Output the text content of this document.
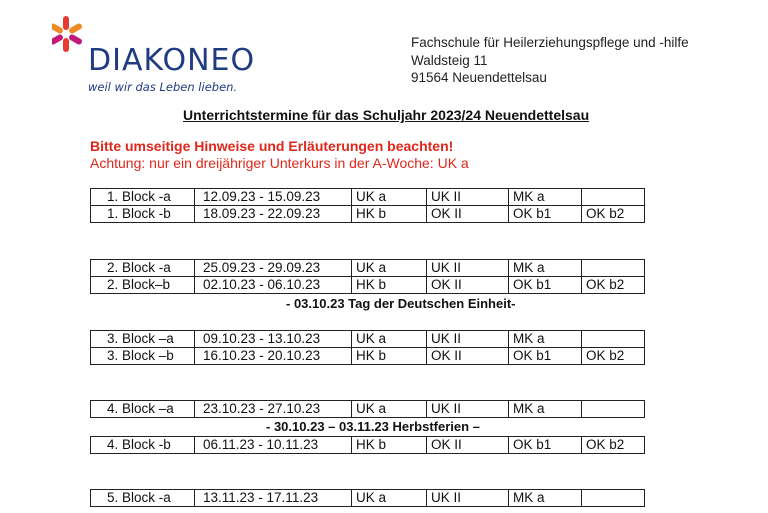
DIAKONEO
weil wir das Leben lieben.
Fachschule für Heilerziehungspflege und -hilfe
Waldsteig 11
91564 Neuendettelsau
Unterrichtstermine für das Schuljahr 2023/24 Neuendettelsau
Bitte umseitige Hinweise und Erläuterungen beachten!
Achtung: nur ein dreijähriger Unterkurs in der A-Woche: UK a
1. Block -a	12.09.23 - 15.09.23	UK a	UK II	MK a	
1. Block -b	18.09.23 - 22.09.23	HK b	OK II	OK b1	OK b2
2. Block -a	25.09.23 - 29.09.23	UK a	UK II	MK a	
2. Block–b	02.10.23 - 06.10.23	HK b	OK II	OK b1	OK b2
- 03.10.23 Tag der Deutschen Einheit-
3. Block –a	09.10.23 - 13.10.23	UK a	UK II	MK a	
3. Block –b	16.10.23 - 20.10.23	HK b	OK II	OK b1	OK b2
4. Block –a	23.10.23 - 27.10.23	UK a	UK II	MK a	
- 30.10.23 – 03.11.23 Herbstferien –
4. Block -b	06.11.23 - 10.11.23	HK b	OK II	OK b1	OK b2
5. Block -a	13.11.23 - 17.11.23	UK a	UK II	MK a	
